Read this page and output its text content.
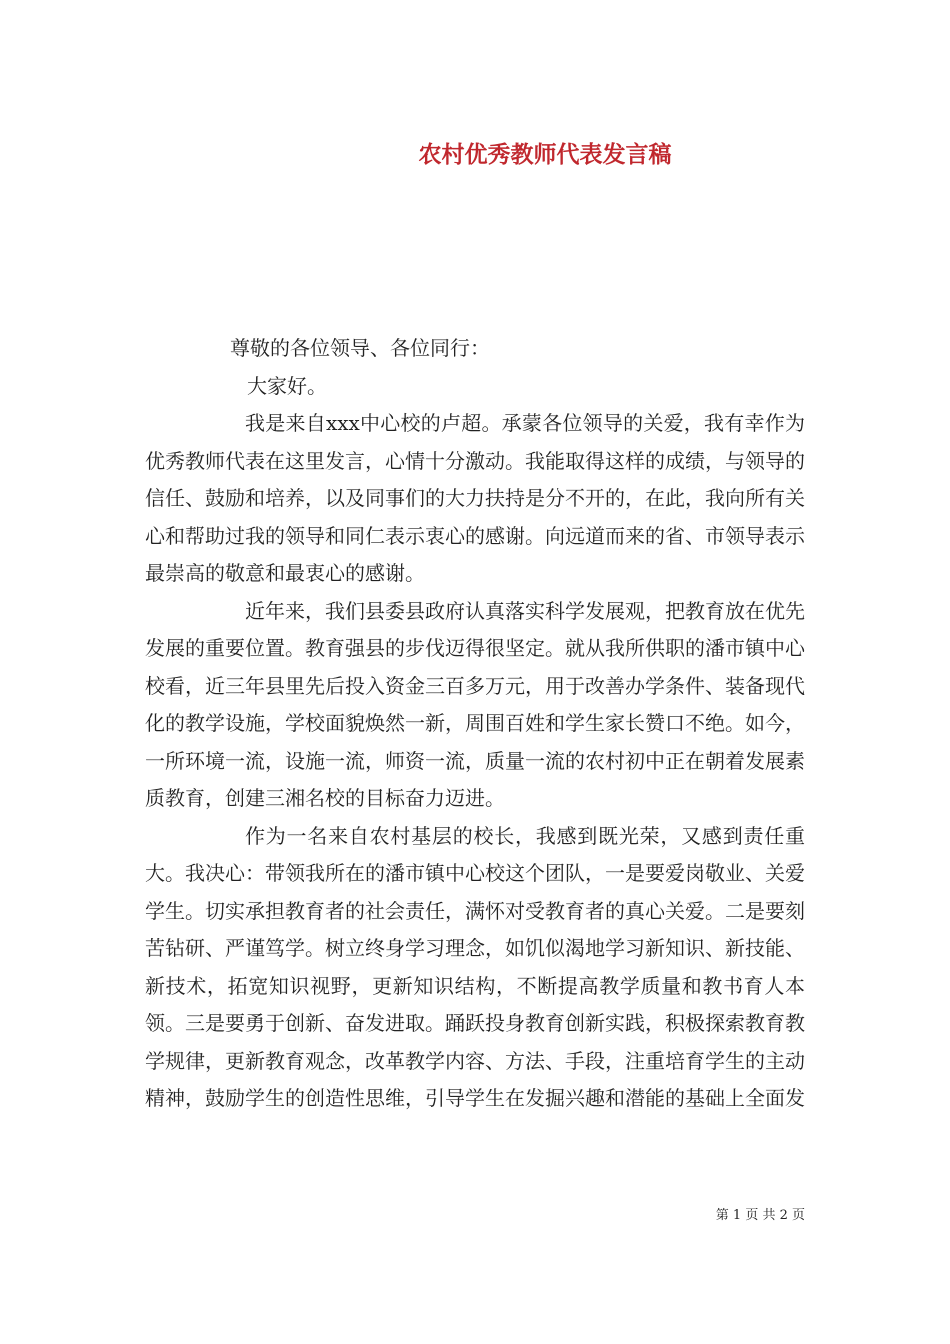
农村优秀教师代表发言稿

尊敬的各位领导、各位同行：

大家好。

我是来自xxx中心校的卢超。承蒙各位领导的关爱，我有幸作为优秀教师代表在这里发言，心情十分激动。我能取得这样的成绩，与领导的信任、鼓励和培养，以及同事们的大力扶持是分不开的，在此，我向所有关心和帮助过我的领导和同仁表示衷心的感谢。向远道而来的省、市领导表示最崇高的敬意和最衷心的感谢。

近年来，我们县委县政府认真落实科学发展观，把教育放在优先发展的重要位置。教育强县的步伐迈得很坚定。就从我所供职的潘市镇中心校看，近三年县里先后投入资金三百多万元，用于改善办学条件、装备现代化的教学设施，学校面貌焕然一新，周围百姓和学生家长赞口不绝。如今，一所环境一流，设施一流，师资一流，质量一流的农村初中正在朝着发展素质教育，创建三湘名校的目标奋力迈进。

作为一名来自农村基层的校长，我感到既光荣，又感到责任重大。我决心：带领我所在的潘市镇中心校这个团队，一是要爱岗敬业、关爱学生。切实承担教育者的社会责任，满怀对受教育者的真心关爱。二是要刻苦钻研、严谨笃学。树立终身学习理念，如饥似渴地学习新知识、新技能、新技术，拓宽知识视野，更新知识结构，不断提高教学质量和教书育人本领。三是要勇于创新、奋发进取。踊跃投身教育创新实践，积极探索教育教学规律，更新教育观念，改革教学内容、方法、手段，注重培育学生的主动精神，鼓励学生的创造性思维，引导学生在发掘兴趣和潜能的基础上全面发

第 1 页 共 2 页
